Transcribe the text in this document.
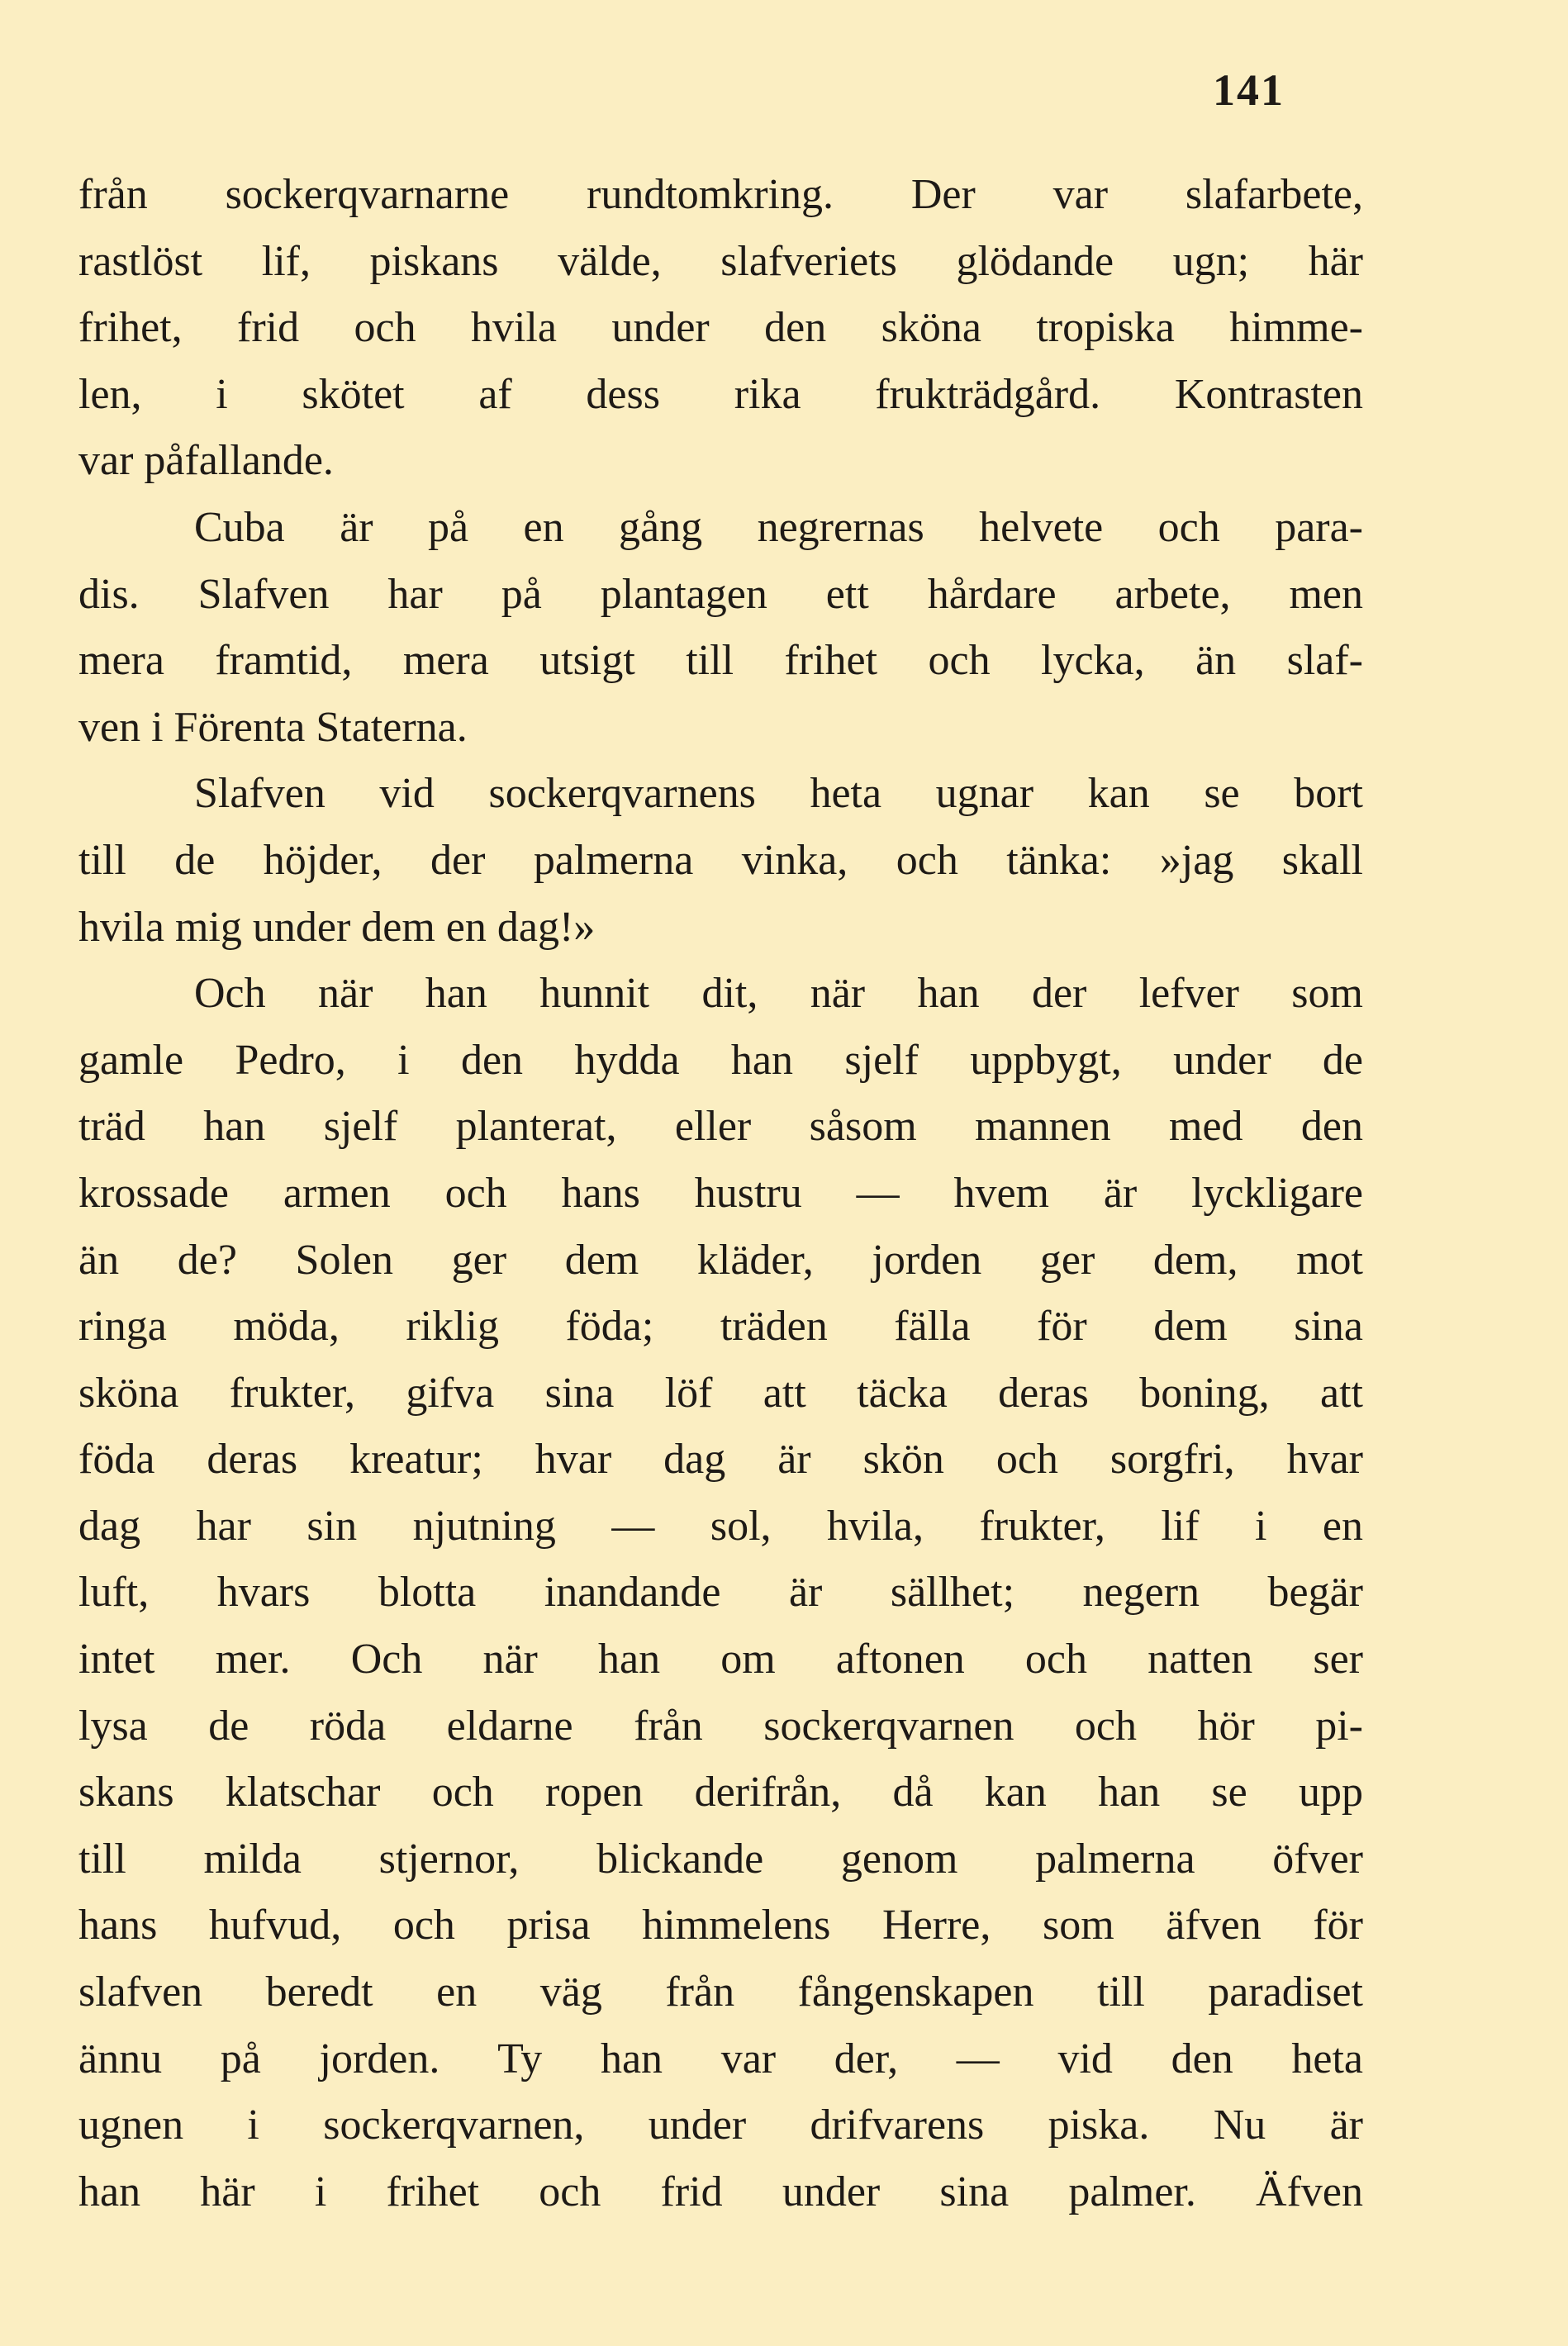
141
från sockerqvarnarne rundtomkring. Der var slafarbete,
rastlöst lif, piskans välde, slafveriets glödande ugn; här
frihet, frid och hvila under den sköna tropiska himme-
len, i skötet af dess rika frukträdgård. Kontrasten
var påfallande.
Cuba är på en gång negrernas helvete och para-
dis. Slafven har på plantagen ett hårdare arbete, men
mera framtid, mera utsigt till frihet och lycka, än slaf-
ven i Förenta Staterna.
Slafven vid sockerqvarnens heta ugnar kan se bort
till de höjder, der palmerna vinka, och tänka: »jag skall
hvila mig under dem en dag!»
Och när han hunnit dit, när han der lefver som
gamle Pedro, i den hydda han sjelf uppbygt, under de
träd han sjelf planterat, eller såsom mannen med den
krossade armen och hans hustru — hvem är lyckligare
än de? Solen ger dem kläder, jorden ger dem, mot
ringa möda, riklig föda; träden fälla för dem sina
sköna frukter, gifva sina löf att täcka deras boning, att
föda deras kreatur; hvar dag är skön och sorgfri, hvar
dag har sin njutning — sol, hvila, frukter, lif i en
luft, hvars blotta inandande är sällhet; negern begär
intet mer. Och när han om aftonen och natten ser
lysa de röda eldarne från sockerqvarnen och hör pi-
skans klatschar och ropen derifrån, då kan han se upp
till milda stjernor, blickande genom palmerna öfver
hans hufvud, och prisa himmelens Herre, som äfven för
slafven beredt en väg från fångenskapen till paradiset
ännu på jorden. Ty han var der, — vid den heta
ugnen i sockerqvarnen, under drifvarens piska. Nu är
han här i frihet och frid under sina palmer. Äfven
